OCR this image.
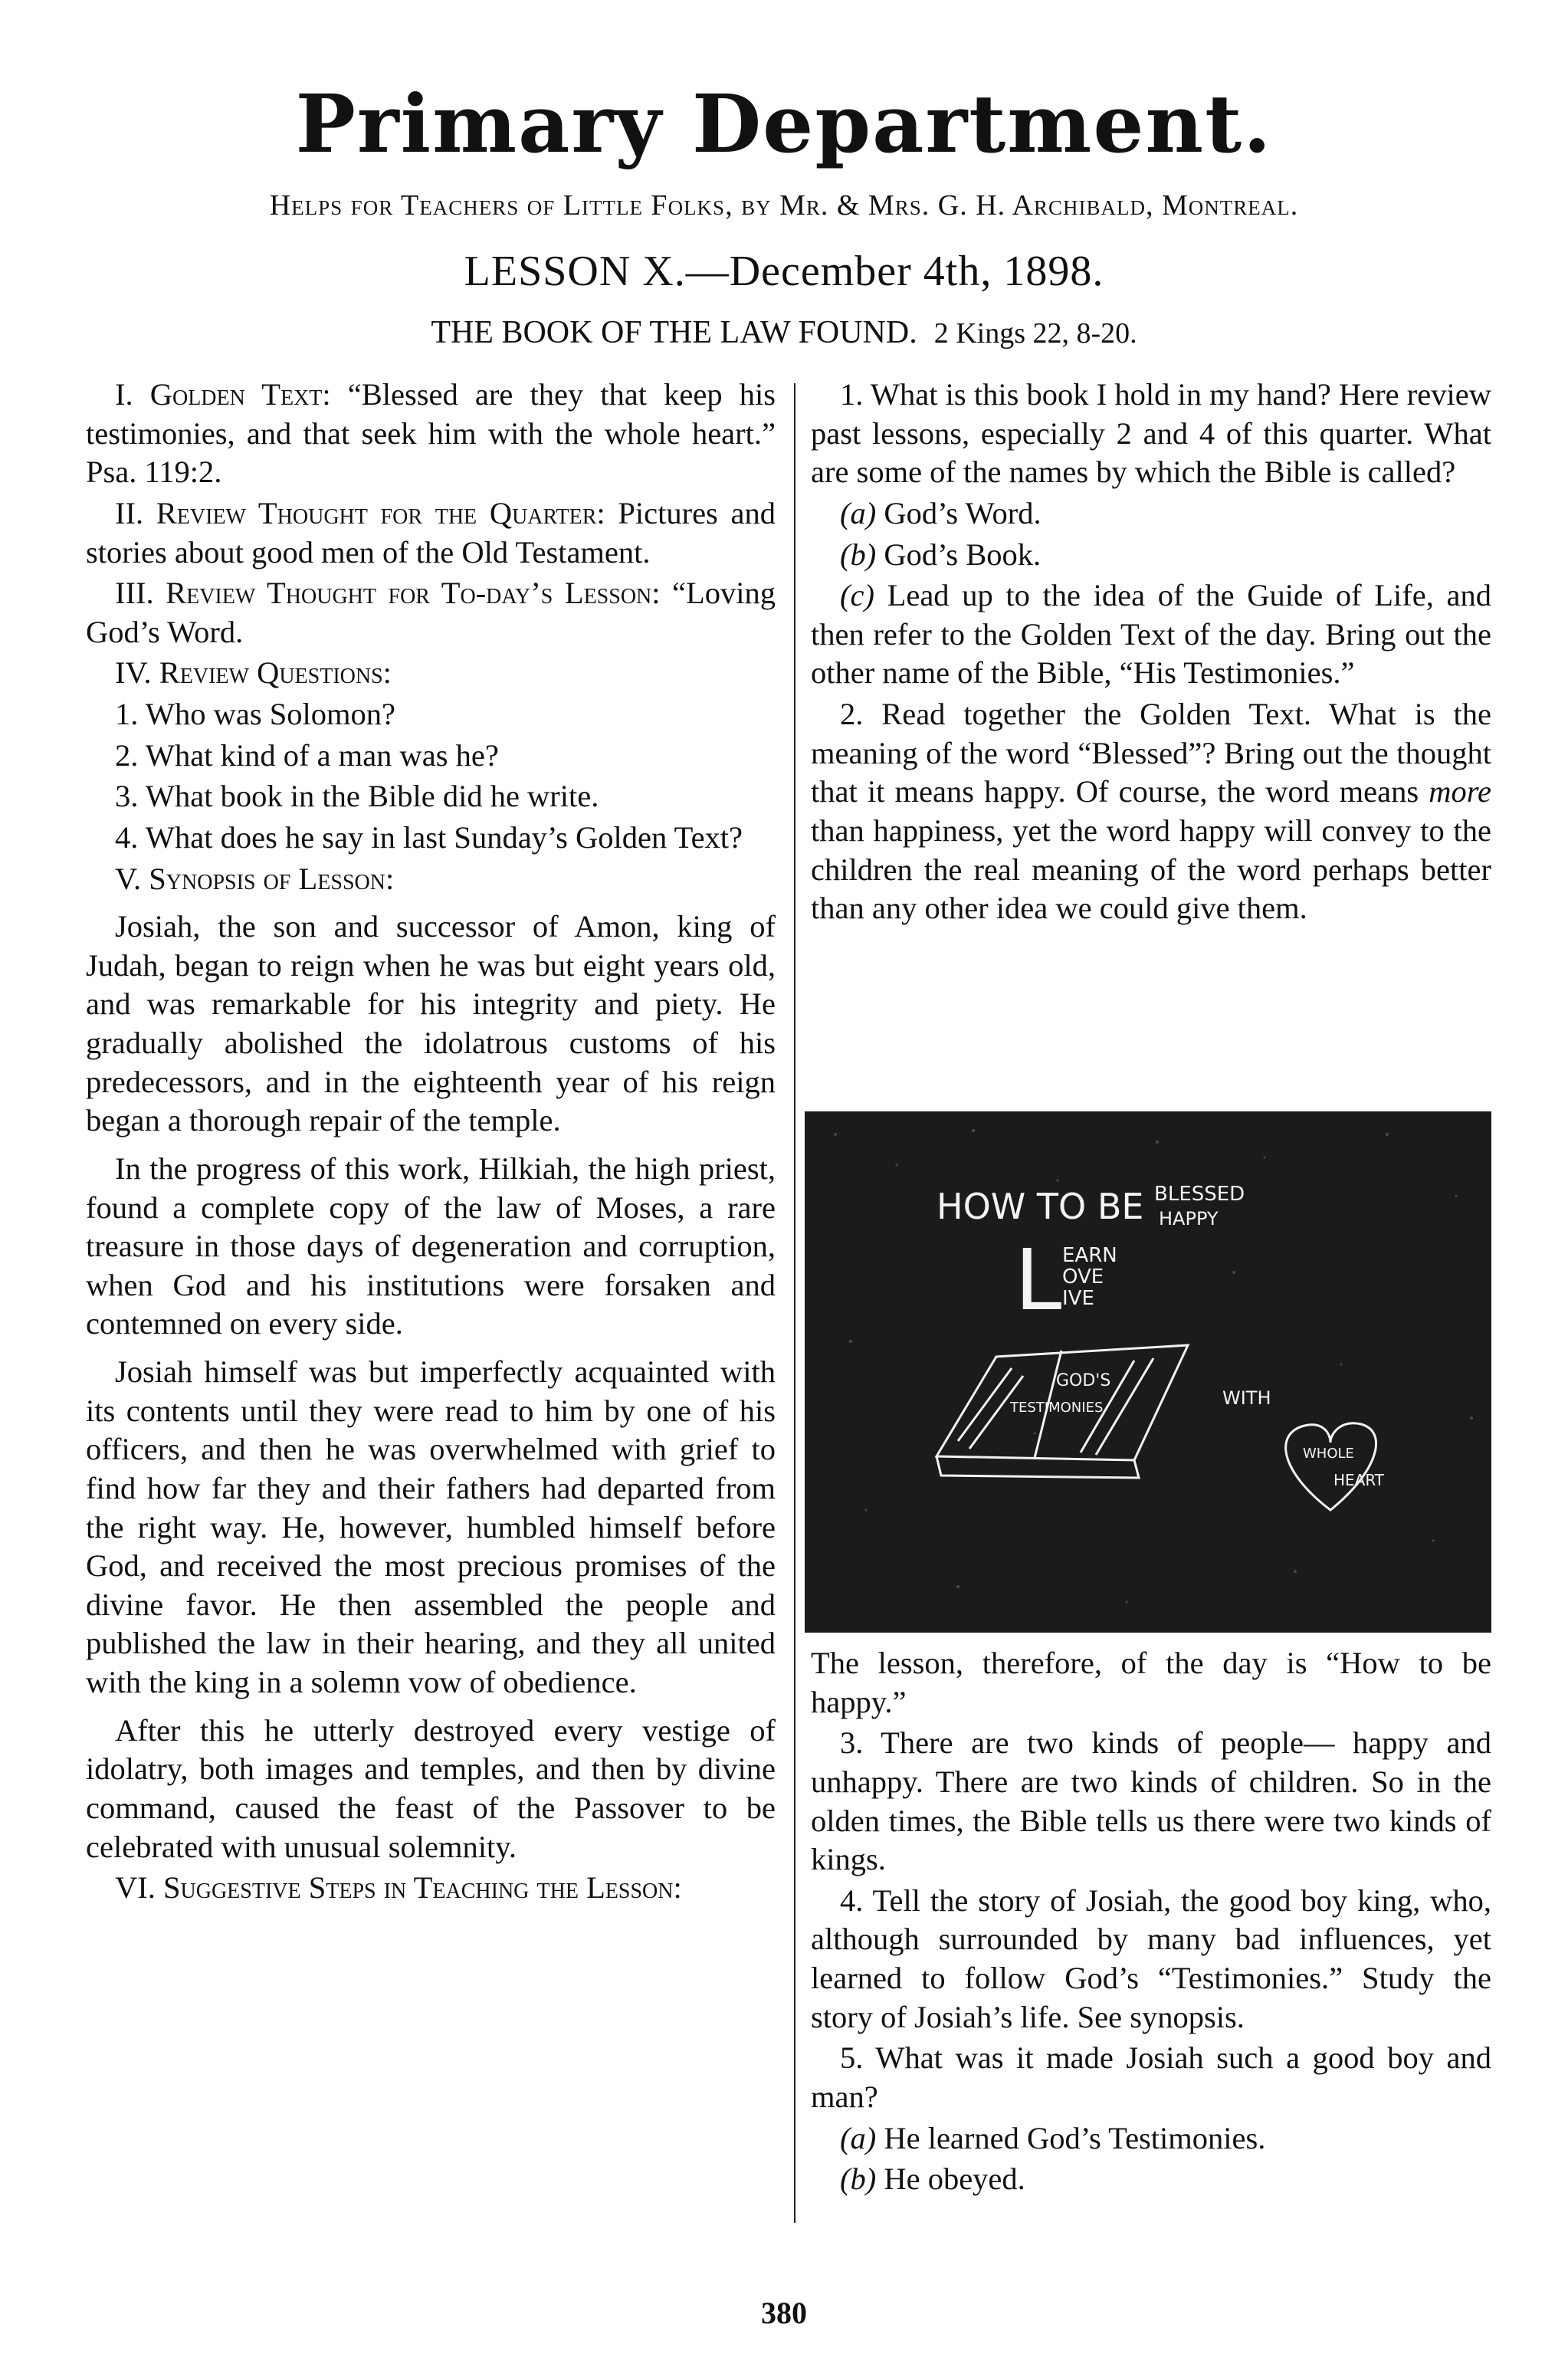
Primary Department.
Helps for Teachers of Little Folks, by Mr. & Mrs. G. H. Archibald, Montreal.
LESSON X.—December 4th, 1898.
THE BOOK OF THE LAW FOUND. 2 Kings 22, 8-20.

I. Golden Text: “Blessed are they that keep his testimonies, and that seek him with the whole heart.” Psa. 119:2.

II. Review Thought for the Quarter: Pictures and stories about good men of the Old Testament.

III. Review Thought for To-day’s Lesson: “Loving God’s Word.

IV. Review Questions:

1. Who was Solomon?

2. What kind of a man was he?

3. What book in the Bible did he write.

4. What does he say in last Sunday’s Golden Text?

V. Synopsis of Lesson:

Josiah, the son and successor of Amon, king of Judah, began to reign when he was but eight years old, and was remarkable for his integrity and piety. He gradually abolished the idolatrous customs of his predecessors, and in the eighteenth year of his reign began a thorough repair of the temple.

In the progress of this work, Hilkiah, the high priest, found a complete copy of the law of Moses, a rare treasure in those days of degeneration and corruption, when God and his institutions were forsaken and contemned on every side.

Josiah himself was but imperfectly acquainted with its contents until they were read to him by one of his officers, and then he was overwhelmed with grief to find how far they and their fathers had departed from the right way. He, however, humbled himself before God, and received the most precious promises of the divine favor. He then assembled the people and published the law in their hearing, and they all united with the king in a solemn vow of obedience.

After this he utterly destroyed every vestige of idolatry, both images and temples, and then by divine command, caused the feast of the Passover to be celebrated with unusual solemnity.

VI. Suggestive Steps in Teaching the Lesson:

1. What is this book I hold in my hand? Here review past lessons, especially 2 and 4 of this quarter. What are some of the names by which the Bible is called?

(a) God’s Word.

(b) God’s Book.

(c) Lead up to the idea of the Guide of Life, and then refer to the Golden Text of the day. Bring out the other name of the Bible, “His Testimonies.”

2. Read together the Golden Text. What is the meaning of the word “Blessed”? Bring out the thought that it means happy. Of course, the word means more than happiness, yet the word happy will convey to the children the real meaning of the word perhaps better than any other idea we could give them.

HOW TO BE BLESSED
HAPPY
L EARN
OVE
IVE
GOD'S
TESTIMONIES	WITH
WHOLE
HEART

The lesson, therefore, of the day is “How to be happy.”

3. There are two kinds of people— happy and unhappy. There are two kinds of children. So in the olden times, the Bible tells us there were two kinds of kings.

4. Tell the story of Josiah, the good boy king, who, although surrounded by many bad influences, yet learned to follow God’s “Testimonies.” Study the story of Josiah’s life. See synopsis.

5. What was it made Josiah such a good boy and man?

(a) He learned God’s Testimonies.

(b) He obeyed.

380
